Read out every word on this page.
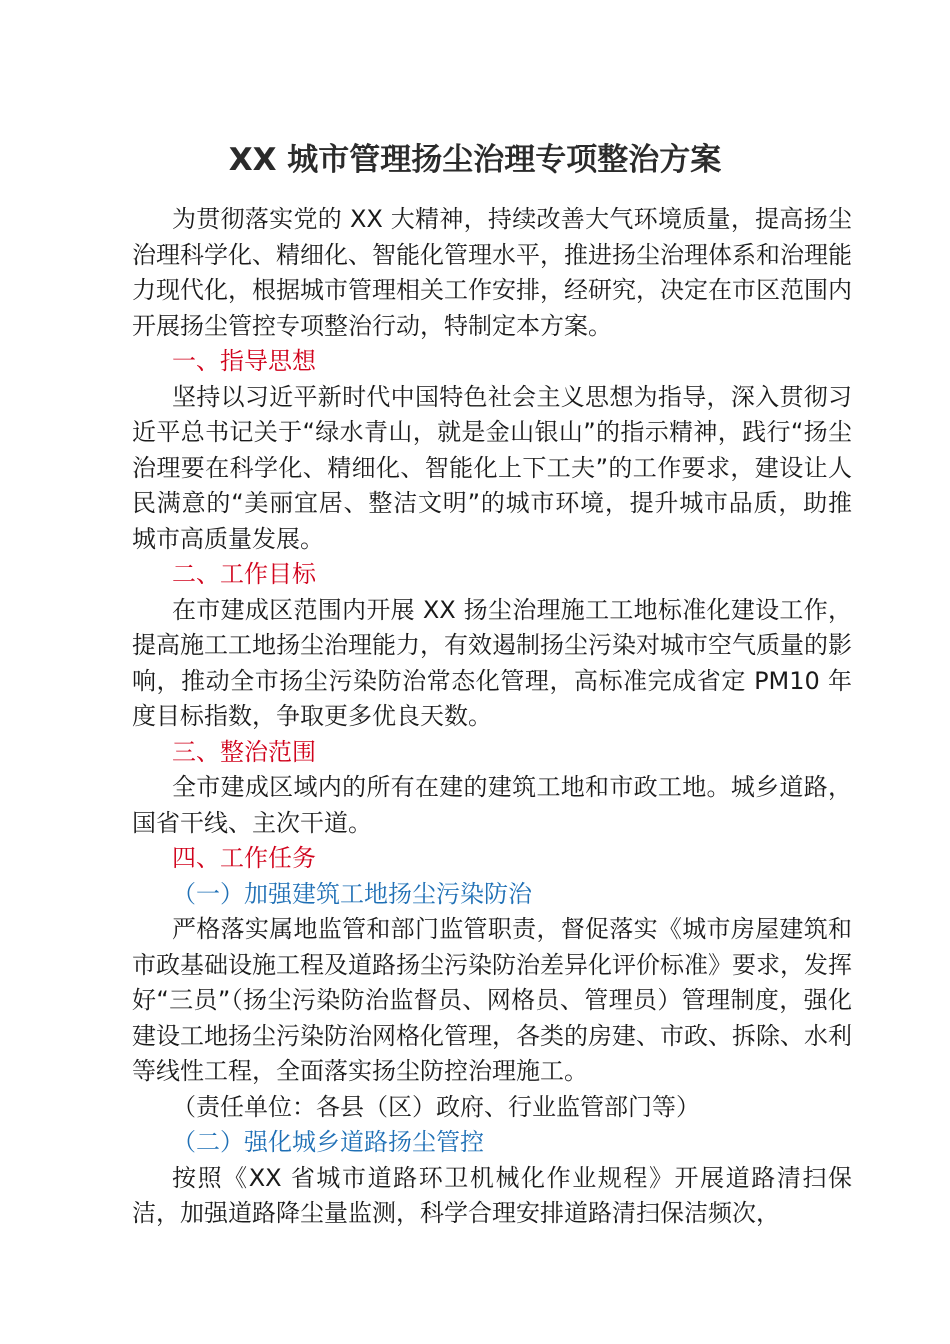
XX 城市管理扬尘治理专项整治方案

为贯彻落实党的 XX 大精神，持续改善大气环境质量，提高扬尘治理科学化、精细化、智能化管理水平，推进扬尘治理体系和治理能力现代化，根据城市管理相关工作安排，经研究，决定在市区范围内开展扬尘管控专项整治行动，特制定本方案。

一、指导思想

坚持以习近平新时代中国特色社会主义思想为指导，深入贯彻习近平总书记关于“绿水青山，就是金山银山”的指示精神，践行“扬尘治理要在科学化、精细化、智能化上下工夫”的工作要求，建设让人民满意的“美丽宜居、整洁文明”的城市环境，提升城市品质，助推城市高质量发展。

二、工作目标

在市建成区范围内开展 XX 扬尘治理施工工地标准化建设工作，提高施工工地扬尘治理能力，有效遏制扬尘污染对城市空气质量的影响，推动全市扬尘污染防治常态化管理，高标准完成省定 PM10 年度目标指数，争取更多优良天数。

三、整治范围

全市建成区域内的所有在建的建筑工地和市政工地。城乡道路，国省干线、主次干道。

四、工作任务

（一）加强建筑工地扬尘污染防治

严格落实属地监管和部门监管职责，督促落实《城市房屋建筑和市政基础设施工程及道路扬尘污染防治差异化评价标准》要求，发挥好“三员”（扬尘污染防治监督员、网格员、管理员）管理制度，强化建设工地扬尘污染防治网格化管理，各类的房建、市政、拆除、水利等线性工程，全面落实扬尘防控治理施工。

（责任单位：各县（区）政府、行业监管部门等）

（二）强化城乡道路扬尘管控

按照《XX 省城市道路环卫机械化作业规程》开展道路清扫保洁，加强道路降尘量监测，科学合理安排道路清扫保洁频次，
